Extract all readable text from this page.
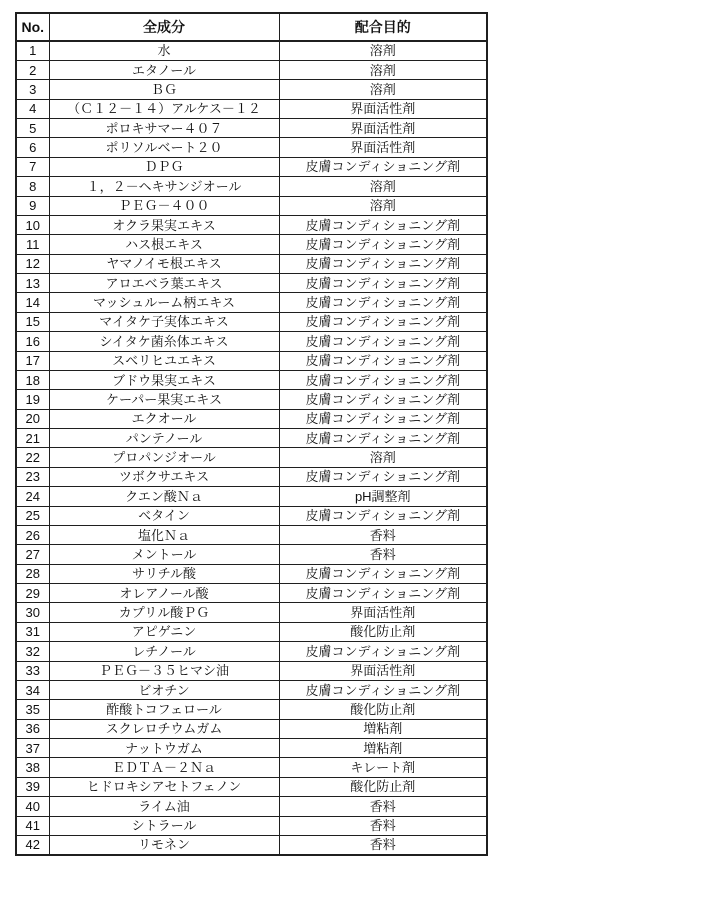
No.	全成分	配合目的
1	水	溶剤
2	エタノール	溶剤
3	ＢＧ	溶剤
4	（Ｃ１２－１４）アルケス－１２	界面活性剤
5	ポロキサマー４０７	界面活性剤
6	ポリソルベート２０	界面活性剤
7	ＤＰＧ	皮膚コンディショニング剤
8	１，２－ヘキサンジオール	溶剤
9	ＰＥＧ－４００	溶剤
10	オクラ果実エキス	皮膚コンディショニング剤
11	ハス根エキス	皮膚コンディショニング剤
12	ヤマノイモ根エキス	皮膚コンディショニング剤
13	アロエベラ葉エキス	皮膚コンディショニング剤
14	マッシュルーム柄エキス	皮膚コンディショニング剤
15	マイタケ子実体エキス	皮膚コンディショニング剤
16	シイタケ菌糸体エキス	皮膚コンディショニング剤
17	スベリヒユエキス	皮膚コンディショニング剤
18	ブドウ果実エキス	皮膚コンディショニング剤
19	ケーパー果実エキス	皮膚コンディショニング剤
20	エクオール	皮膚コンディショニング剤
21	パンテノール	皮膚コンディショニング剤
22	プロパンジオール	溶剤
23	ツボクサエキス	皮膚コンディショニング剤
24	クエン酸Ｎａ	pH調整剤
25	ベタイン	皮膚コンディショニング剤
26	塩化Ｎａ	香料
27	メントール	香料
28	サリチル酸	皮膚コンディショニング剤
29	オレアノール酸	皮膚コンディショニング剤
30	カプリル酸ＰＧ	界面活性剤
31	アピゲニン	酸化防止剤
32	レチノール	皮膚コンディショニング剤
33	ＰＥＧ－３５ヒマシ油	界面活性剤
34	ビオチン	皮膚コンディショニング剤
35	酢酸トコフェロール	酸化防止剤
36	スクレロチウムガム	増粘剤
37	ナットウガム	増粘剤
38	ＥＤＴＡ－２Ｎａ	キレート剤
39	ヒドロキシアセトフェノン	酸化防止剤
40	ライム油	香料
41	シトラール	香料
42	リモネン	香料
